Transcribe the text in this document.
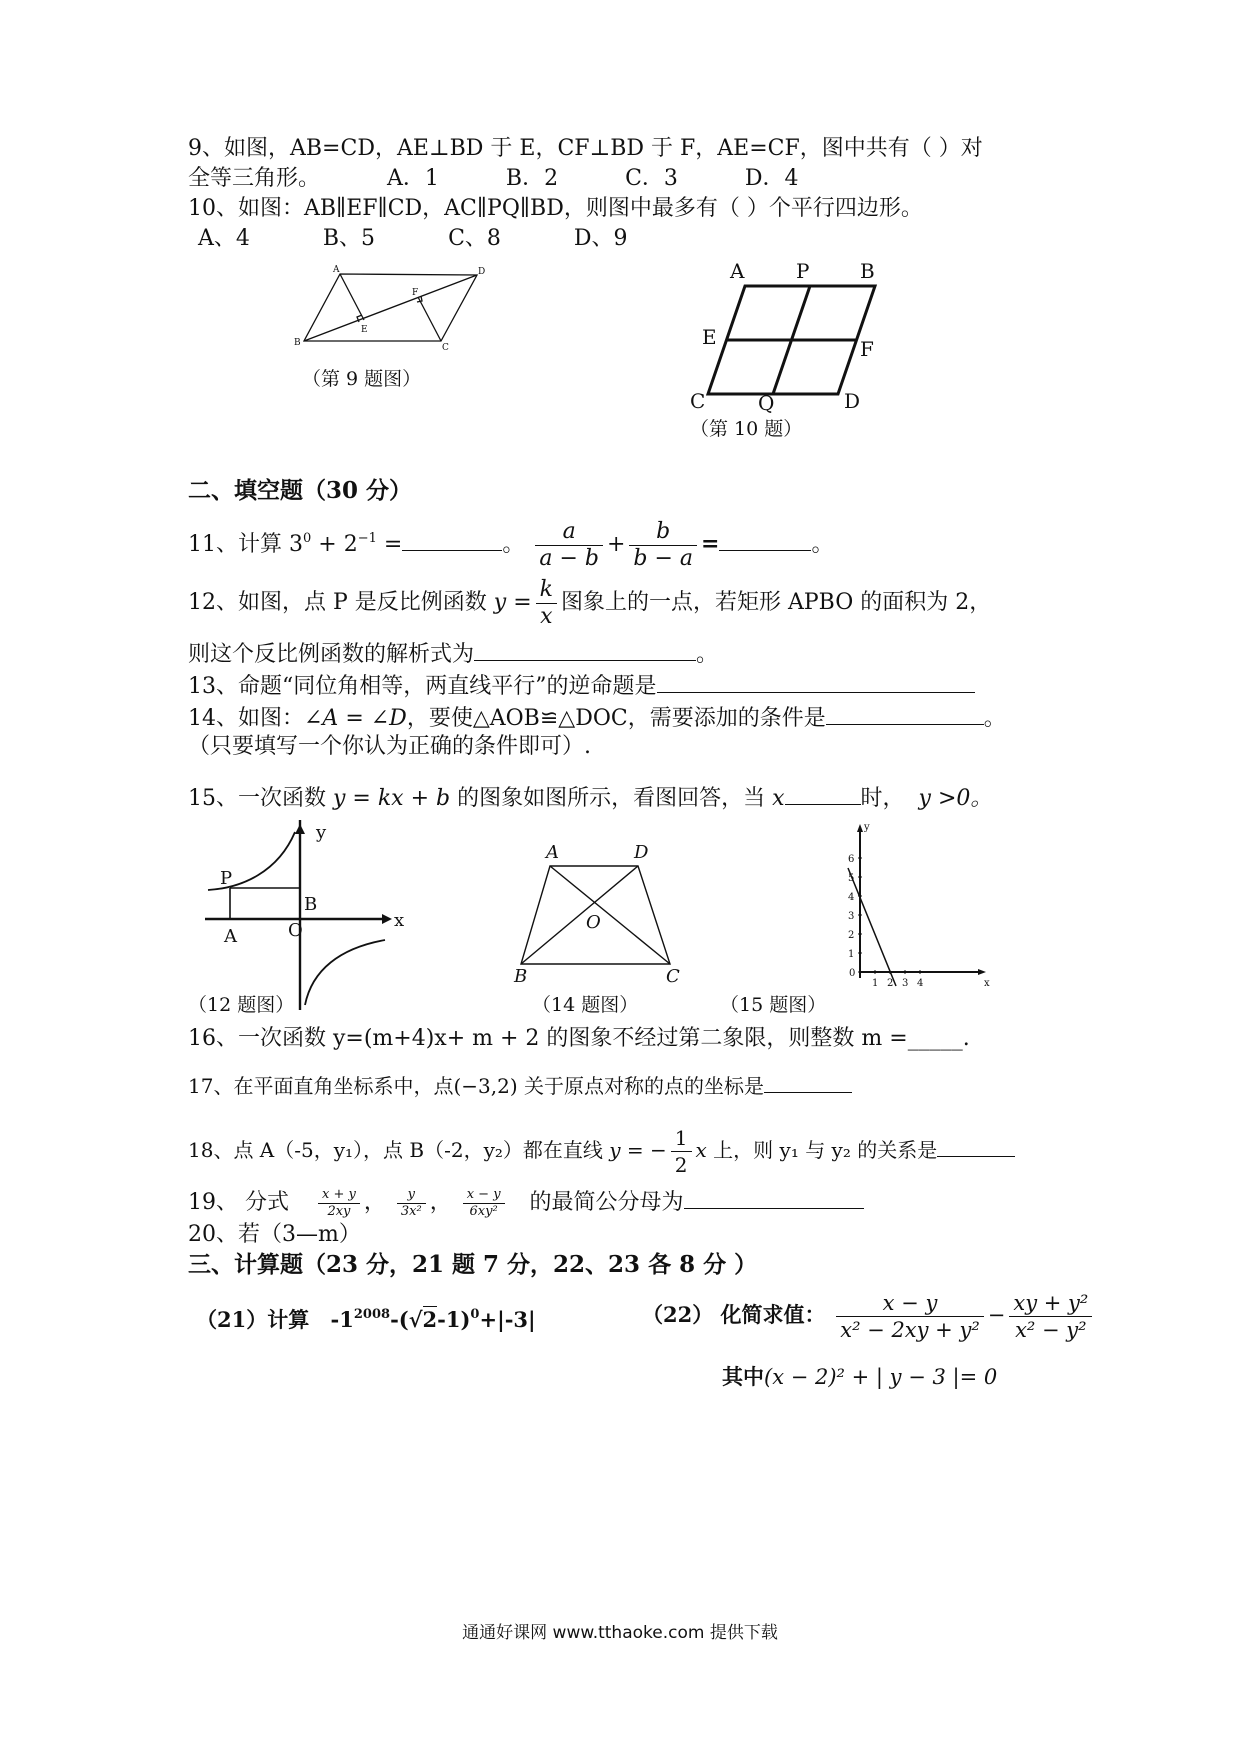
9、如图，AB=CD，AE⊥BD 于 E，CF⊥BD 于 F，AE=CF，图中共有（ ）对
全等三角形。	A．1	B．2	C．3	D．4
10、如图：AB∥EF∥CD，AC∥PQ∥BD，则图中最多有（ ）个平行四边形。
A、4	B、5	C、8	D、9
A	D
B	C
E
F
（第 9 题图）
A	P	B
E	F
C	Q	D
（第 10 题）
二、填空题（30 分）
11、计算 $3^0 + 2^{-1}$ =	。 $\frac{a}{a - b} + \frac{b}{b - a}$ =	。
12、如图，点 P 是反比例函数 $y = \frac{k}{x}$ 图象上的一点，若矩形 APBO 的面积为 2，
则这个反比例函数的解析式为	。
13、命题“同位角相等，两直线平行”的逆命题是
14、如图：∠A = ∠D，要使△AOB≌△DOC，需要添加的条件是	。
（只要填写一个你认为正确的条件即可）.
15、一次函数 y = kx + b 的图象如图所示，看图回答，当 x	时， y >0。
y
x
P
B
A	O
（12 题图）
A	D
O
B	C
（14 题图）
1
2
3
4
5
6
1 2 3 4
y
x
0
（15 题图）
16、一次函数 y=(m+4)x+ m + 2 的图象不经过第二象限，则整数 m =_____.
17、在平面直角坐标系中，点(−3,2) 关于原点对称的点的坐标是
18、点 A（-5，y₁），点 B（-2，y₂）都在直线 y = − $\frac{1}{2}$ x 上，则 y₁ 与 y₂ 的关系是
19、 分式 $\frac{x + y}{2xy}$ ， $\frac{y}{\text{3x²}}$ ， $\frac{x - y}{\text{6xy²}}$ 的最简公分母为
20、若（3—m）
三、计算题（23 分，21 题 7 分，22、23 各 8 分 ）
（21）计算 $-1^{2008}-(√2-1)^0+|-3|$	（22） 化简求值： $\frac{x - y}{\text{x² − 2xy + y²}} - \frac{\text{xy + y²}}{\text{x² − y²}}$
其中(x − 2)² + | y − 3 |= 0
通通好课网 www.tthaoke.com 提供下载
